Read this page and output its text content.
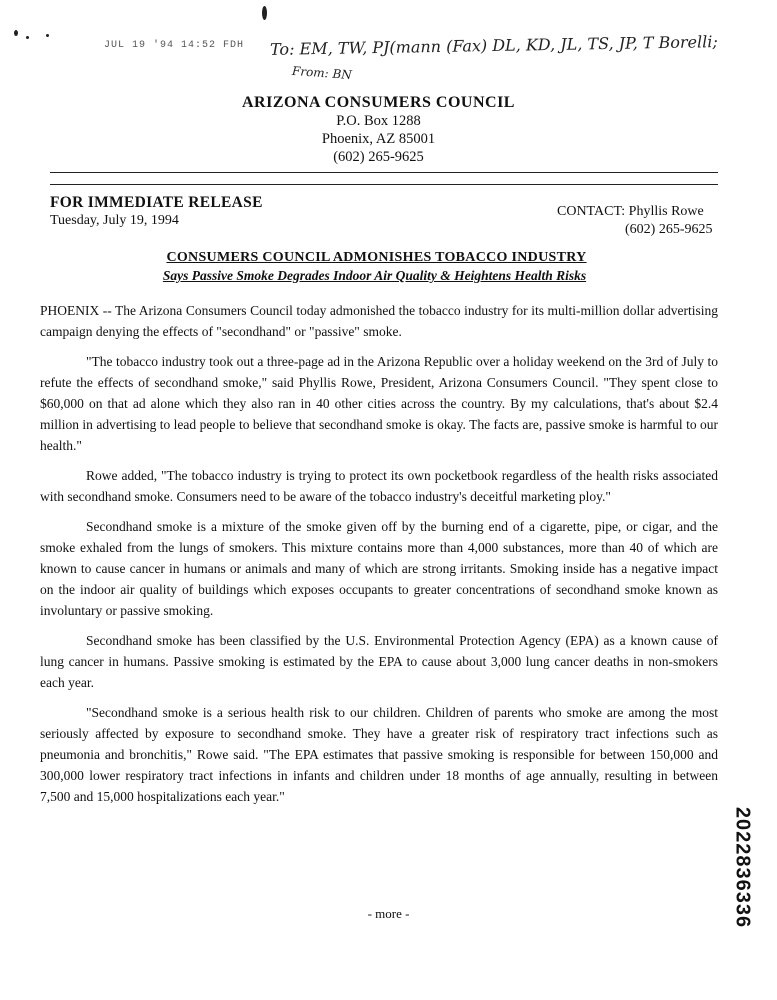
JUL 19 '94 14:52 FDH To: EM, TW, PJ(mann (Fax) DL, KD, JL, TS, JP, T Borelli;
From: BN
ARIZONA CONSUMERS COUNCIL
P.O. Box 1288
Phoenix, AZ 85001
(602) 265-9625
FOR IMMEDIATE RELEASE
Tuesday, July 19, 1994
CONTACT: Phyllis Rowe
(602) 265-9625
CONSUMERS COUNCIL ADMONISHES TOBACCO INDUSTRY
Says Passive Smoke Degrades Indoor Air Quality & Heightens Health Risks

PHOENIX -- The Arizona Consumers Council today admonished the tobacco industry for its multi-million dollar advertising campaign denying the effects of "secondhand" or "passive" smoke.

"The tobacco industry took out a three-page ad in the Arizona Republic over a holiday weekend on the 3rd of July to refute the effects of secondhand smoke," said Phyllis Rowe, President, Arizona Consumers Council. "They spent close to $60,000 on that ad alone which they also ran in 40 other cities across the country. By my calculations, that's about $2.4 million in advertising to lead people to believe that secondhand smoke is okay. The facts are, passive smoke is harmful to our health."

Rowe added, "The tobacco industry is trying to protect its own pocketbook regardless of the health risks associated with secondhand smoke. Consumers need to be aware of the tobacco industry's deceitful marketing ploy."

Secondhand smoke is a mixture of the smoke given off by the burning end of a cigarette, pipe, or cigar, and the smoke exhaled from the lungs of smokers. This mixture contains more than 4,000 substances, more than 40 of which are known to cause cancer in humans or animals and many of which are strong irritants. Smoking inside has a negative impact on the indoor air quality of buildings which exposes occupants to greater concentrations of secondhand smoke known as involuntary or passive smoking.

Secondhand smoke has been classified by the U.S. Environmental Protection Agency (EPA) as a known cause of lung cancer in humans. Passive smoking is estimated by the EPA to cause about 3,000 lung cancer deaths in non-smokers each year.

"Secondhand smoke is a serious health risk to our children. Children of parents who smoke are among the most seriously affected by exposure to secondhand smoke. They have a greater risk of respiratory tract infections such as pneumonia and bronchitis," Rowe said. "The EPA estimates that passive smoking is responsible for between 150,000 and 300,000 lower respiratory tract infections in infants and children under 18 months of age annually, resulting in between 7,500 and 15,000 hospitalizations each year."

- more -	2022836336
